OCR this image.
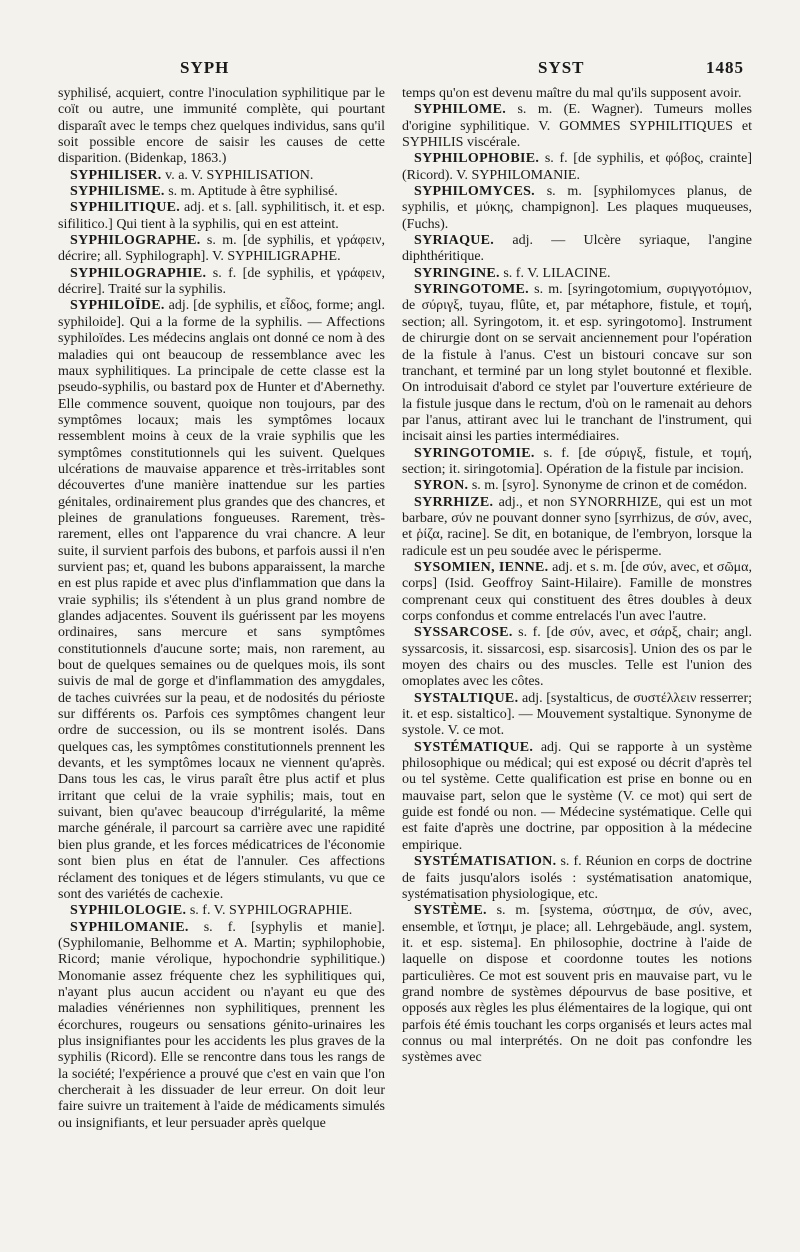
SYPH	SYST	1485

syphilisé, acquiert, contre l'inoculation syphilitique par le coït ou autre, une immunité complète, qui pourtant disparaît avec le temps chez quelques individus, sans qu'il soit possible encore de saisir les causes de cette disparition. (Bidenkap, 1863.)

SYPHILISER. v. a. V. SYPHILISATION.

SYPHILISME. s. m. Aptitude à être syphilisé.

SYPHILITIQUE. adj. et s. [all. syphilitisch, it. et esp. sifilitico.] Qui tient à la syphilis, qui en est atteint.

SYPHILOGRAPHE. s. m. [de syphilis, et γράφειν, décrire; all. Syphilograph]. V. SYPHILIGRAPHE.

SYPHILOGRAPHIE. s. f. [de syphilis, et γράφειν, décrire]. Traité sur la syphilis.

SYPHILOÏDE. adj. [de syphilis, et εἶδος, forme; angl. syphiloide]. Qui a la forme de la syphilis. — Affections syphiloïdes. Les médecins anglais ont donné ce nom à des maladies qui ont beaucoup de ressemblance avec les maux syphilitiques. La principale de cette classe est la pseudo-syphilis, ou bastard pox de Hunter et d'Abernethy. Elle commence souvent, quoique non toujours, par des symptômes locaux; mais les symptômes locaux ressemblent moins à ceux de la vraie syphilis que les symptômes constitutionnels qui les suivent. Quelques ulcérations de mauvaise apparence et très-irritables sont découvertes d'une manière inattendue sur les parties génitales, ordinairement plus grandes que des chancres, et pleines de granulations fongueuses. Rarement, très-rarement, elles ont l'apparence du vrai chancre. A leur suite, il survient parfois des bubons, et parfois aussi il n'en survient pas; et, quand les bubons apparaissent, la marche en est plus rapide et avec plus d'inflammation que dans la vraie syphilis; ils s'étendent à un plus grand nombre de glandes adjacentes. Souvent ils guérissent par les moyens ordinaires, sans mercure et sans symptômes constitutionnels d'aucune sorte; mais, non rarement, au bout de quelques semaines ou de quelques mois, ils sont suivis de mal de gorge et d'inflammation des amygdales, de taches cuivrées sur la peau, et de nodosités du périoste sur différents os. Parfois ces symptômes changent leur ordre de succession, ou ils se montrent isolés. Dans quelques cas, les symptômes constitutionnels prennent les devants, et les symptômes locaux ne viennent qu'après. Dans tous les cas, le virus paraît être plus actif et plus irritant que celui de la vraie syphilis; mais, tout en suivant, bien qu'avec beaucoup d'irrégularité, la même marche générale, il parcourt sa carrière avec une rapidité bien plus grande, et les forces médicatrices de l'économie sont bien plus en état de l'annuler. Ces affections réclament des toniques et de légers stimulants, vu que ce sont des variétés de cachexie.

SYPHILOLOGIE. s. f. V. SYPHILOGRAPHIE.

SYPHILOMANIE. s. f. [syphylis et manie]. (Syphilomanie, Belhomme et A. Martin; syphilophobie, Ricord; manie vérolique, hypochondrie syphilitique.) Monomanie assez fréquente chez les syphilitiques qui, n'ayant plus aucun accident ou n'ayant eu que des maladies vénériennes non syphilitiques, prennent les écorchures, rougeurs ou sensations génito-urinaires les plus insignifiantes pour les accidents les plus graves de la syphilis (Ricord). Elle se rencontre dans tous les rangs de la société; l'expérience a prouvé que c'est en vain que l'on chercherait à les dissuader de leur erreur. On doit leur faire suivre un traitement à l'aide de médicaments simulés ou insignifiants, et leur persuader après quelque

temps qu'on est devenu maître du mal qu'ils supposent avoir.

SYPHILOME. s. m. (E. Wagner). Tumeurs molles d'origine syphilitique. V. GOMMES SYPHILITIQUES et SYPHILIS viscérale.

SYPHILOPHOBIE. s. f. [de syphilis, et φόβος, crainte] (Ricord). V. SYPHILOMANIE.

SYPHILOMYCES. s. m. [syphilomyces planus, de syphilis, et μύκης, champignon]. Les plaques muqueuses, (Fuchs).

SYRIAQUE. adj. — Ulcère syriaque, l'angine diphthéritique.

SYRINGINE. s. f. V. LILACINE.

SYRINGOTOME. s. m. [syringotomium, συριγγοτόμιον, de σύριγξ, tuyau, flûte, et, par métaphore, fistule, et τομή, section; all. Syringotom, it. et esp. syringotomo]. Instrument de chirurgie dont on se servait anciennement pour l'opération de la fistule à l'anus. C'est un bistouri concave sur son tranchant, et terminé par un long stylet boutonné et flexible. On introduisait d'abord ce stylet par l'ouverture extérieure de la fistule jusque dans le rectum, d'où on le ramenait au dehors par l'anus, attirant avec lui le tranchant de l'instrument, qui incisait ainsi les parties intermédiaires.

SYRINGOTOMIE. s. f. [de σύριγξ, fistule, et τομή, section; it. siringotomia]. Opération de la fistule par incision.

SYRON. s. m. [syro]. Synonyme de crinon et de comédon.

SYRRHIZE. adj., et non SYNORRHIZE, qui est un mot barbare, σύν ne pouvant donner syno [syrrhizus, de σύν, avec, et ῥίζα, racine]. Se dit, en botanique, de l'embryon, lorsque la radicule est un peu soudée avec le périsperme.

SYSOMIEN, IENNE. adj. et s. m. [de σύν, avec, et σῶμα, corps] (Isid. Geoffroy Saint-Hilaire). Famille de monstres comprenant ceux qui constituent des êtres doubles à deux corps confondus et comme entrelacés l'un avec l'autre.

SYSSARCOSE. s. f. [de σύν, avec, et σάρξ, chair; angl. syssarcosis, it. sissarcosi, esp. sisarcosis]. Union des os par le moyen des chairs ou des muscles. Telle est l'union des omoplates avec les côtes.

SYSTALTIQUE. adj. [systalticus, de συστέλλειν resserrer; it. et esp. sistaltico]. — Mouvement systaltique. Synonyme de systole. V. ce mot.

SYSTÉMATIQUE. adj. Qui se rapporte à un système philosophique ou médical; qui est exposé ou décrit d'après tel ou tel système. Cette qualification est prise en bonne ou en mauvaise part, selon que le système (V. ce mot) qui sert de guide est fondé ou non. — Médecine systématique. Celle qui est faite d'après une doctrine, par opposition à la médecine empirique.

SYSTÉMATISATION. s. f. Réunion en corps de doctrine de faits jusqu'alors isolés : systématisation anatomique, systématisation physiologique, etc.

SYSTÈME. s. m. [systema, σύστημα, de σύν, avec, ensemble, et ἵστημι, je place; all. Lehrgebäude, angl. system, it. et esp. sistema]. En philosophie, doctrine à l'aide de laquelle on dispose et coordonne toutes les notions particulières. Ce mot est souvent pris en mauvaise part, vu le grand nombre de systèmes dépourvus de base positive, et opposés aux règles les plus élémentaires de la logique, qui ont parfois été émis touchant les corps organisés et leurs actes mal connus ou mal interprétés. On ne doit pas confondre les systèmes avec
